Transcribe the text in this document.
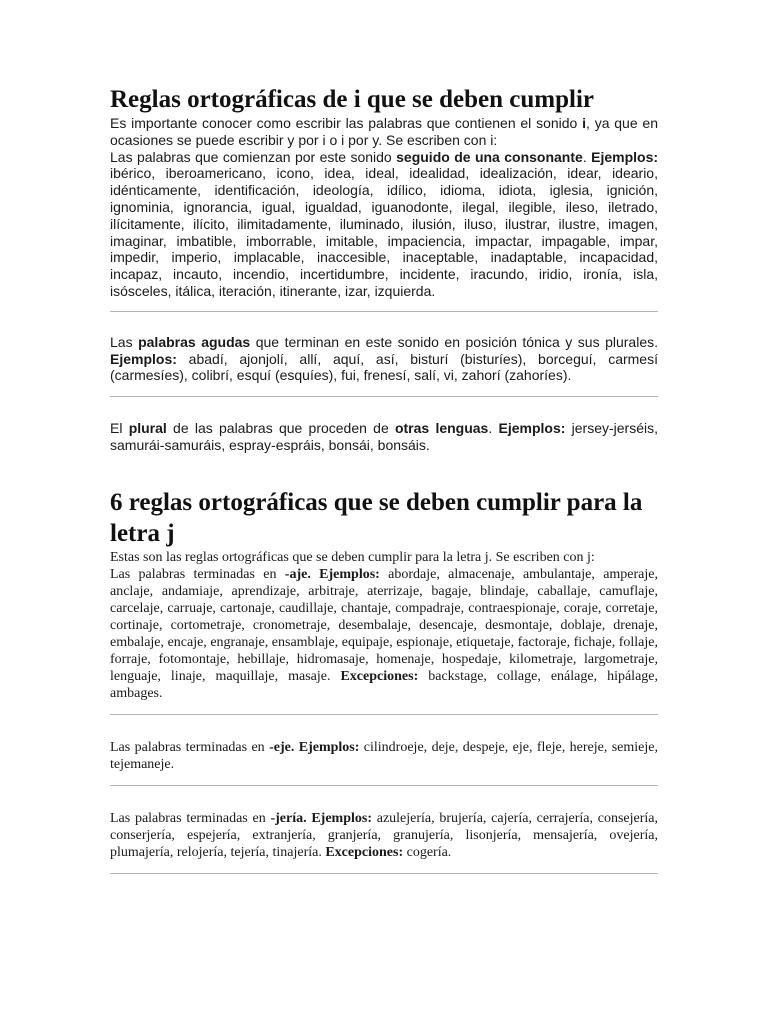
Reglas ortográficas de i que se deben cumplir

Es importante conocer como escribir las palabras que contienen el sonido i, ya que en ocasiones se puede escribir y por i o i por y. Se escriben con i:

Las palabras que comienzan por este sonido seguido de una consonante. Ejemplos: ibérico, iberoamericano, icono, idea, ideal, idealidad, idealización, idear, ideario, idénticamente, identificación, ideología, idílico, idioma, idiota, iglesia, ignición, ignominia, ignorancia, igual, igualdad, iguanodonte, ilegal, ilegible, ileso, iletrado, ilícitamente, ilícito, ilimitadamente, iluminado, ilusión, iluso, ilustrar, ilustre, imagen, imaginar, imbatible, imborrable, imitable, impaciencia, impactar, impagable, impar, impedir, imperio, implacable, inaccesible, inaceptable, inadaptable, incapacidad, incapaz, incauto, incendio, incertidumbre, incidente, iracundo, iridio, ironía, isla, isósceles, itálica, iteración, itinerante, izar, izquierda.

Las palabras agudas que terminan en este sonido en posición tónica y sus plurales. Ejemplos: abadí, ajonjolí, allí, aquí, así, bisturí (bisturíes), borceguí, carmesí (carmesíes), colibrí, esquí (esquíes), fui, frenesí, salí, vi, zahorí (zahoríes).

El plural de las palabras que proceden de otras lenguas. Ejemplos: jersey-jerséis, samurái-samuráis, espray-espráis, bonsái, bonsáis.

6 reglas ortográficas que se deben cumplir para la letra j

Estas son las reglas ortográficas que se deben cumplir para la letra j. Se escriben con j:

Las palabras terminadas en -aje. Ejemplos: abordaje, almacenaje, ambulantaje, amperaje, anclaje, andamiaje, aprendizaje, arbitraje, aterrizaje, bagaje, blindaje, caballaje, camuflaje, carcelaje, carruaje, cartonaje, caudillaje, chantaje, compadraje, contraespionaje, coraje, corretaje, cortinaje, cortometraje, cronometraje, desembalaje, desencaje, desmontaje, doblaje, drenaje, embalaje, encaje, engranaje, ensamblaje, equipaje, espionaje, etiquetaje, factoraje, fichaje, follaje, forraje, fotomontaje, hebillaje, hidromasaje, homenaje, hospedaje, kilometraje, largometraje, lenguaje, linaje, maquillaje, masaje. Excepciones: backstage, collage, enálage, hipálage, ambages.

Las palabras terminadas en -eje. Ejemplos: cilindroeje, deje, despeje, eje, fleje, hereje, semieje, tejemaneje.

Las palabras terminadas en -jería. Ejemplos: azulejería, brujería, cajería, cerrajería, consejería, conserjería, espejería, extranjería, granjería, granujería, lisonjería, mensajería, ovejería, plumajería, relojería, tejería, tinajería. Excepciones: cogería.
